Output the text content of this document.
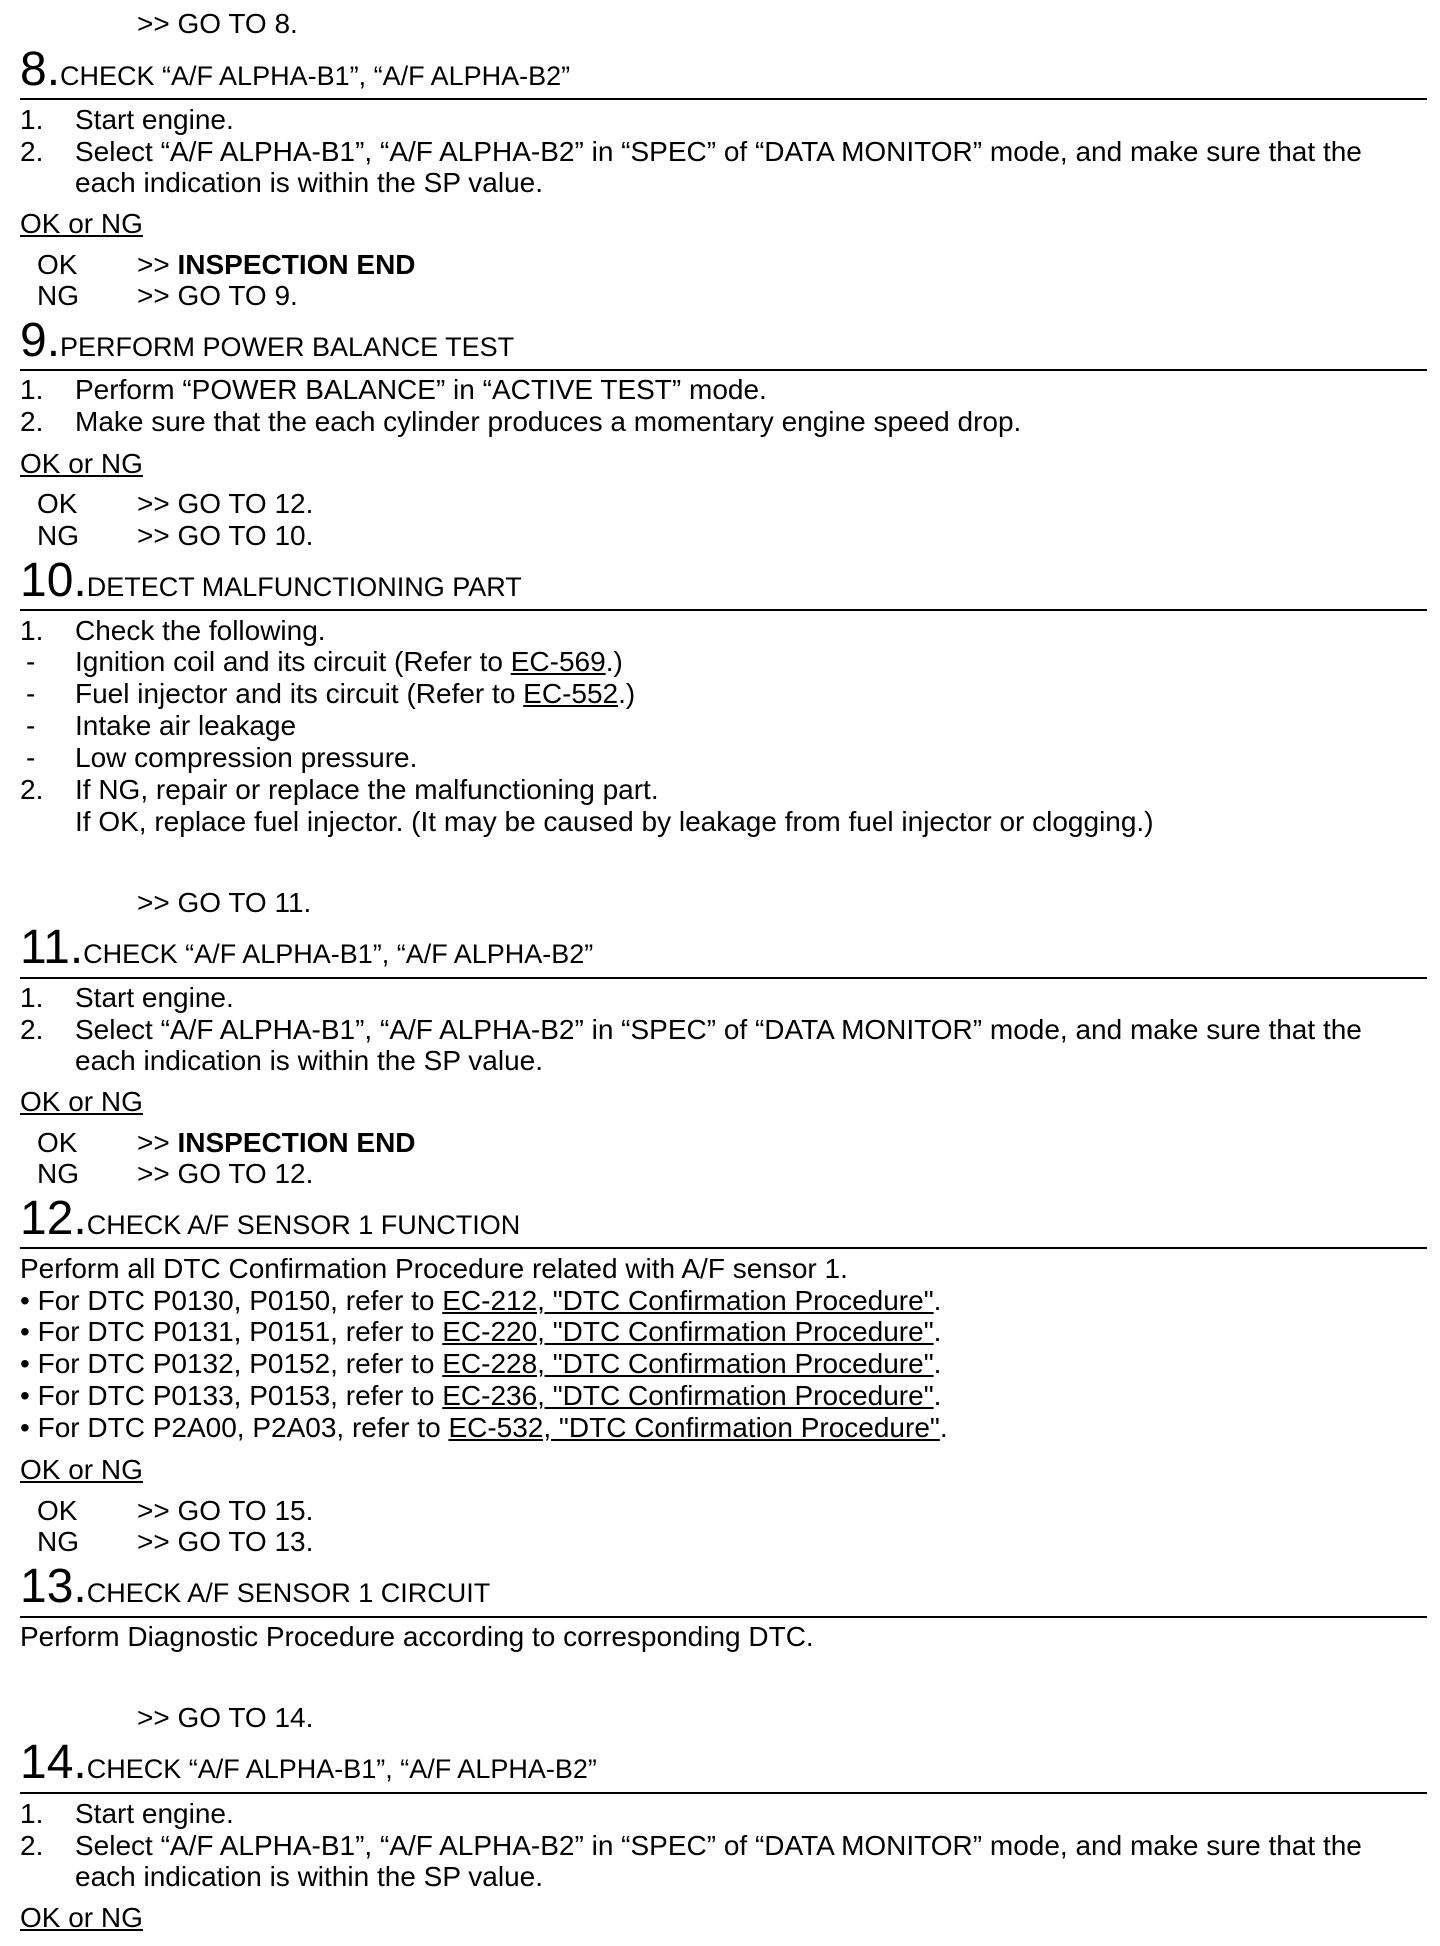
>> GO TO 8.
8.CHECK “A/F ALPHA-B1”, “A/F ALPHA-B2”
1. Start engine.
2. Select “A/F ALPHA-B1”, “A/F ALPHA-B2” in “SPEC” of “DATA MONITOR” mode, and make sure that the
each indication is within the SP value.
OK or NG
OK >> INSPECTION END
NG >> GO TO 9.
9.PERFORM POWER BALANCE TEST
1. Perform “POWER BALANCE” in “ACTIVE TEST” mode.
2. Make sure that the each cylinder produces a momentary engine speed drop.
OK or NG
OK >> GO TO 12.
NG >> GO TO 10.
10.DETECT MALFUNCTIONING PART
1. Check the following.
- Ignition coil and its circuit (Refer to EC-569.)
- Fuel injector and its circuit (Refer to EC-552.)
- Intake air leakage
- Low compression pressure.
2. If NG, repair or replace the malfunctioning part.
If OK, replace fuel injector. (It may be caused by leakage from fuel injector or clogging.)
>> GO TO 11.
11.CHECK “A/F ALPHA-B1”, “A/F ALPHA-B2”
1. Start engine.
2. Select “A/F ALPHA-B1”, “A/F ALPHA-B2” in “SPEC” of “DATA MONITOR” mode, and make sure that the
each indication is within the SP value.
OK or NG
OK >> INSPECTION END
NG >> GO TO 12.
12.CHECK A/F SENSOR 1 FUNCTION
Perform all DTC Confirmation Procedure related with A/F sensor 1.
• For DTC P0130, P0150, refer to EC-212, "DTC Confirmation Procedure".
• For DTC P0131, P0151, refer to EC-220, "DTC Confirmation Procedure".
• For DTC P0132, P0152, refer to EC-228, "DTC Confirmation Procedure".
• For DTC P0133, P0153, refer to EC-236, "DTC Confirmation Procedure".
• For DTC P2A00, P2A03, refer to EC-532, "DTC Confirmation Procedure".
OK or NG
OK >> GO TO 15.
NG >> GO TO 13.
13.CHECK A/F SENSOR 1 CIRCUIT
Perform Diagnostic Procedure according to corresponding DTC.
>> GO TO 14.
14.CHECK “A/F ALPHA-B1”, “A/F ALPHA-B2”
1. Start engine.
2. Select “A/F ALPHA-B1”, “A/F ALPHA-B2” in “SPEC” of “DATA MONITOR” mode, and make sure that the
each indication is within the SP value.
OK or NG
